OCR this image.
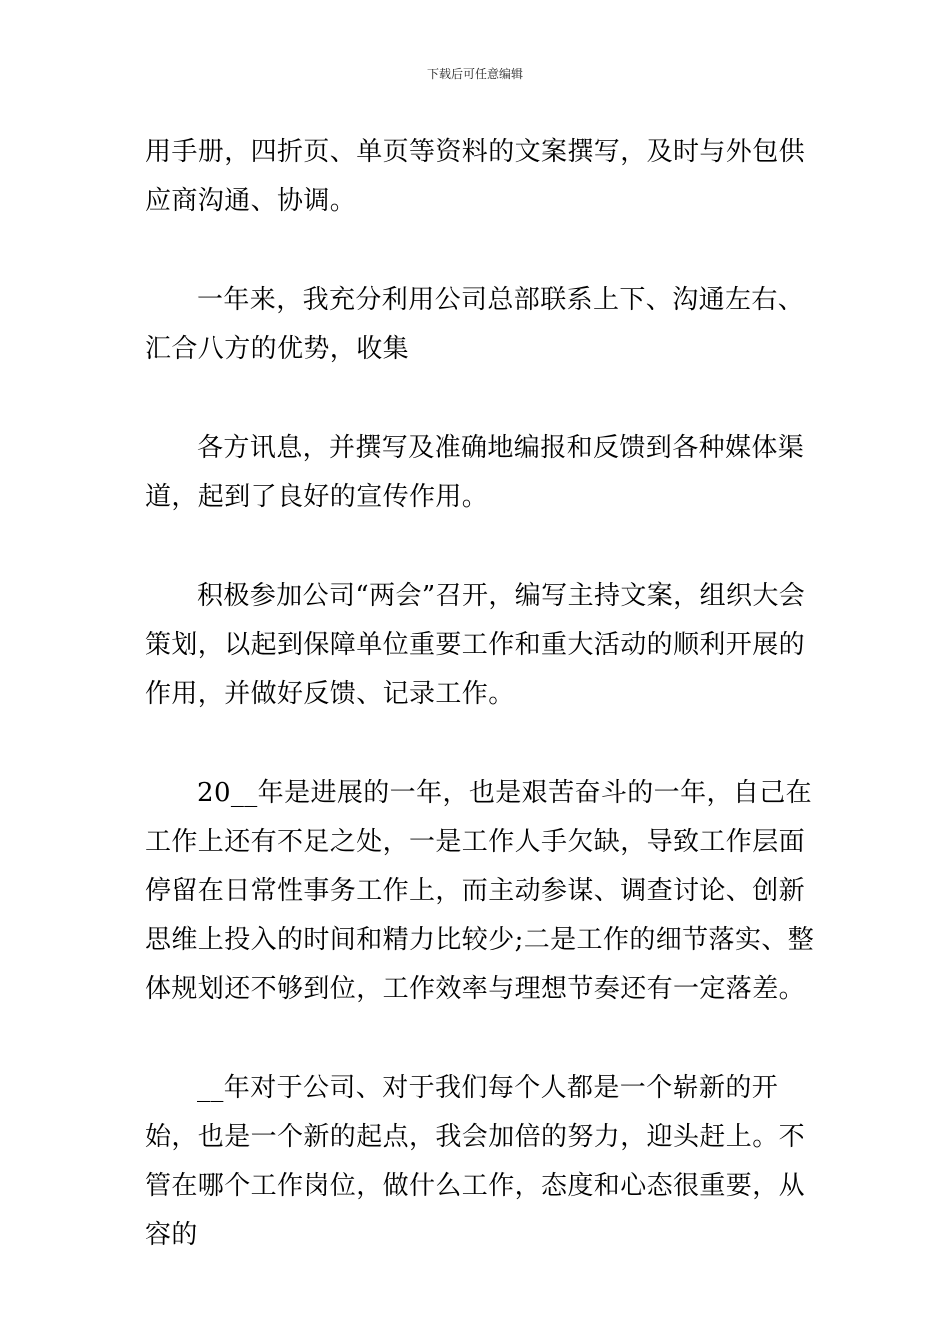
下载后可任意编辑

用手册，四折页、单页等资料的文案撰写，及时与外包供应商沟通、协调。

一年来，我充分利用公司总部联系上下、沟通左右、汇合八方的优势，收集

各方讯息，并撰写及准确地编报和反馈到各种媒体渠道，起到了良好的宣传作用。

积极参加公司“两会”召开，编写主持文案，组织大会策划，以起到保障单位重要工作和重大活动的顺利开展的作用，并做好反馈、记录工作。

20__年是进展的一年，也是艰苦奋斗的一年，自己在工作上还有不足之处，一是工作人手欠缺，导致工作层面停留在日常性事务工作上，而主动参谋、调查讨论、创新思维上投入的时间和精力比较少;二是工作的细节落实、整体规划还不够到位，工作效率与理想节奏还有一定落差。

__年对于公司、对于我们每个人都是一个崭新的开始，也是一个新的起点，我会加倍的努力，迎头赶上。不管在哪个工作岗位，做什么工作，态度和心态很重要，从容的
